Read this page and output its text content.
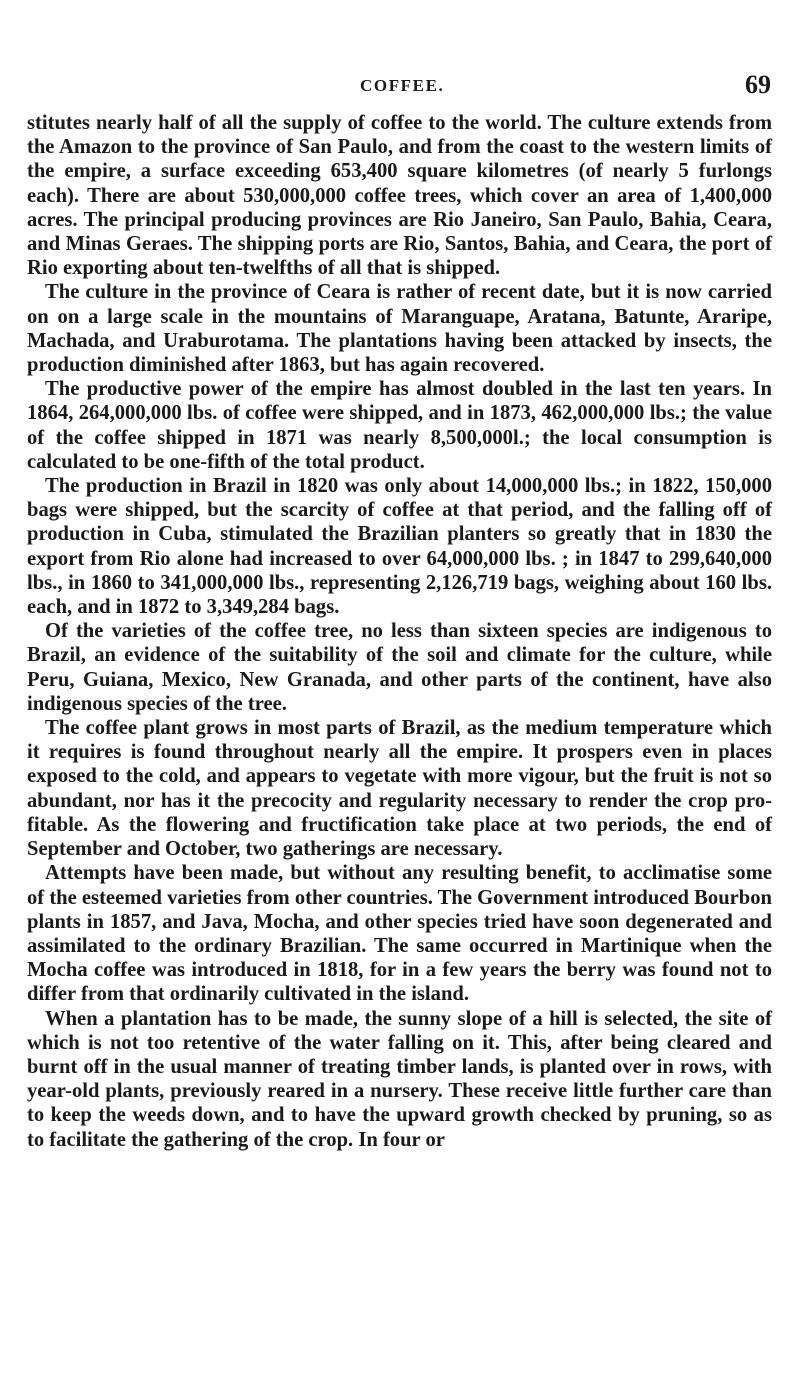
COFFEE.	69

stitutes nearly half of all the supply of coffee to the world. The culture extends from the Amazon to the province of San Paulo, and from the coast to the western limits of the empire, a surface exceeding 653,400 square kilometres (of nearly 5 furlongs each). There are about 530,000,000 coffee trees, which cover an area of 1,400,000 acres. The principal producing provinces are Rio Janeiro, San Paulo, Bahia, Ceara, and Minas Geraes. The shipping ports are Rio, Santos, Bahia, and Ceara, the port of Rio exporting about ten-twelfths of all that is shipped.

The culture in the province of Ceara is rather of recent date, but it is now carried on on a large scale in the mountains of Maranguape, Aratana, Batunte, Araripe, Machada, and Uraburotama. The plantations having been attacked by insects, the production diminished after 1863, but has again recovered.

The productive power of the empire has almost doubled in the last ten years. In 1864, 264,000,000 lbs. of coffee were shipped, and in 1873, 462,000,000 lbs.; the value of the coffee shipped in 1871 was nearly 8,500,000l.; the local consumption is calculated to be one-fifth of the total product.

The production in Brazil in 1820 was only about 14,000,000 lbs.; in 1822, 150,000 bags were shipped, but the scarcity of coffee at that period, and the falling off of production in Cuba, stimulated the Brazilian planters so greatly that in 1830 the export from Rio alone had increased to over 64,000,000 lbs. ; in 1847 to 299,640,000 lbs., in 1860 to 341,000,000 lbs., representing 2,126,719 bags, weighing about 160 lbs. each, and in 1872 to 3,349,284 bags.

Of the varieties of the coffee tree, no less than sixteen species are indigenous to Brazil, an evidence of the suitability of the soil and climate for the culture, while Peru, Guiana, Mexico, New Granada, and other parts of the continent, have also indigenous species of the tree.

The coffee plant grows in most parts of Brazil, as the medium temperature which it requires is found throughout nearly all the empire. It prospers even in places exposed to the cold, and appears to vegetate with more vigour, but the fruit is not so abundant, nor has it the precocity and regularity necessary to render the crop profitable. As the flowering and fructification take place at two periods, the end of September and October, two gatherings are necessary.

Attempts have been made, but without any resulting benefit, to acclimatise some of the esteemed varieties from other countries. The Government introduced Bourbon plants in 1857, and Java, Mocha, and other species tried have soon degenerated and assimilated to the ordinary Brazilian. The same occurred in Martinique when the Mocha coffee was introduced in 1818, for in a few years the berry was found not to differ from that ordinarily cultivated in the island.

When a plantation has to be made, the sunny slope of a hill is selected, the site of which is not too retentive of the water falling on it. This, after being cleared and burnt off in the usual manner of treating timber lands, is planted over in rows, with year-old plants, previously reared in a nursery. These receive little further care than to keep the weeds down, and to have the upward growth checked by pruning, so as to facilitate the gathering of the crop. In four or
